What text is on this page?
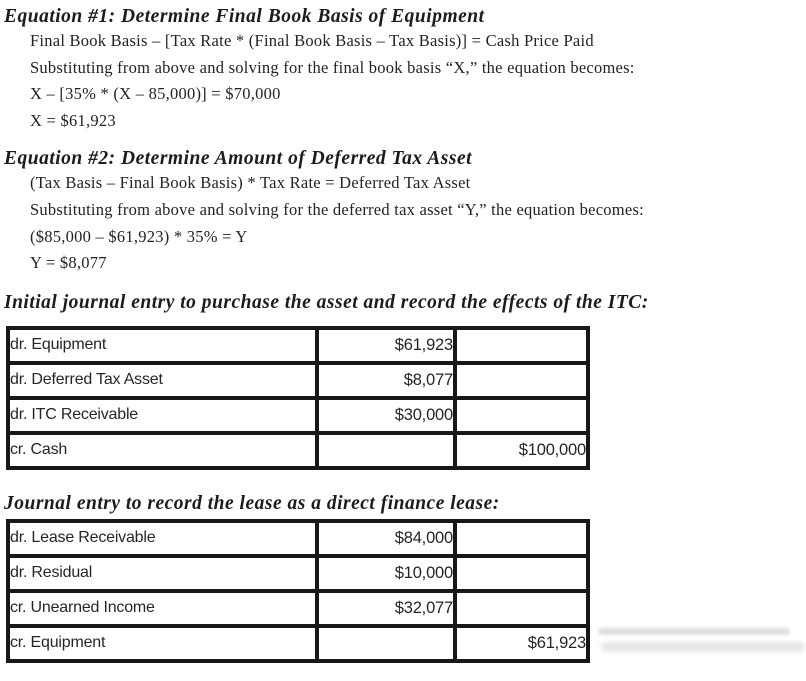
Equation #1: Determine Final Book Basis of Equipment

Final Book Basis – [Tax Rate * (Final Book Basis – Tax Basis)] = Cash Price Paid

Substituting from above and solving for the final book basis “X,” the equation becomes:

X – [35% * (X – 85,000)] = $70,000

X = $61,923

Equation #2: Determine Amount of Deferred Tax Asset

(Tax Basis – Final Book Basis) * Tax Rate = Deferred Tax Asset

Substituting from above and solving for the deferred tax asset “Y,” the equation becomes:

($85,000 – $61,923) * 35% = Y

Y = $8,077

Initial journal entry to purchase the asset and record the effects of the ITC:
dr. Equipment	$61,923	
dr. Deferred Tax Asset	$8,077	
dr. ITC Receivable	$30,000	
cr. Cash		$100,000
Journal entry to record the lease as a direct finance lease:
dr. Lease Receivable	$84,000	
dr. Residual	$10,000	
cr. Unearned Income	$32,077	
cr. Equipment		$61,923
